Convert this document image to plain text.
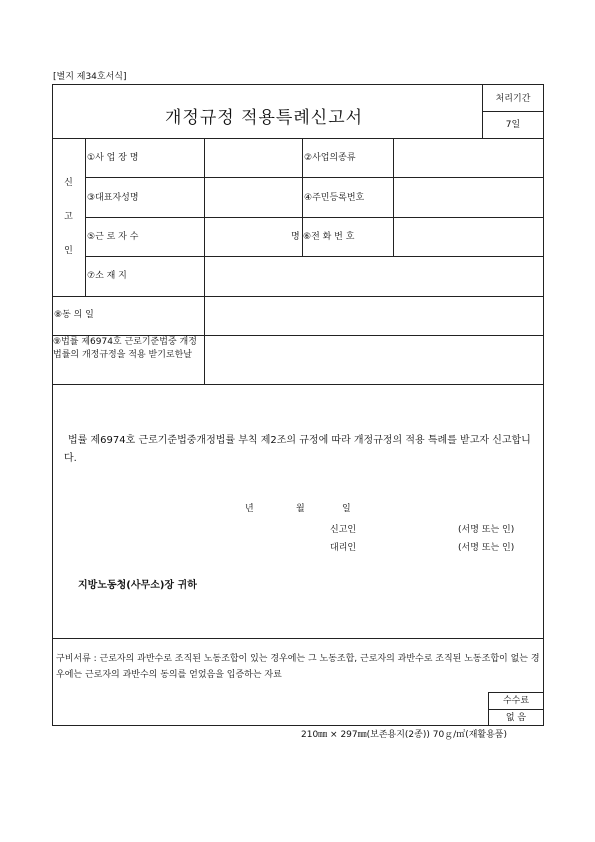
[별지 제34호서식]
개정규정 적용특례신고서
처리기간
7일
신
고
인
①사 업 장 명	②사업의종류
③대표자성명	④주민등록번호
⑤근 로 자 수	명 ⑥전 화 번 호
⑦소 재 지
⑧동 의 일
⑨법률 제6974호 근로기준법중 개정법률의 개정규정을 적용 받기로한날
법률 제6974호 근로기준법중개정법률 부칙 제2조의 규정에 따라 개정규정의 적용 특례를 받고자 신고합니다.
년	월	일
신고인	(서명 또는 인)
대리인	(서명 또는 인)
지방노동청(사무소)장 귀하
구비서류 : 근로자의 과반수로 조직된 노동조합이 있는 경우에는 그 노동조합, 근로자의 과반수로 조직된 노동조합이 없는 경우에는 근로자의 과반수의 동의를 얻었음을 입증하는 자료
수수료
없 음
210㎜ × 297㎜(보존용지(2종)) 70ｇ/㎡(재활용품)
